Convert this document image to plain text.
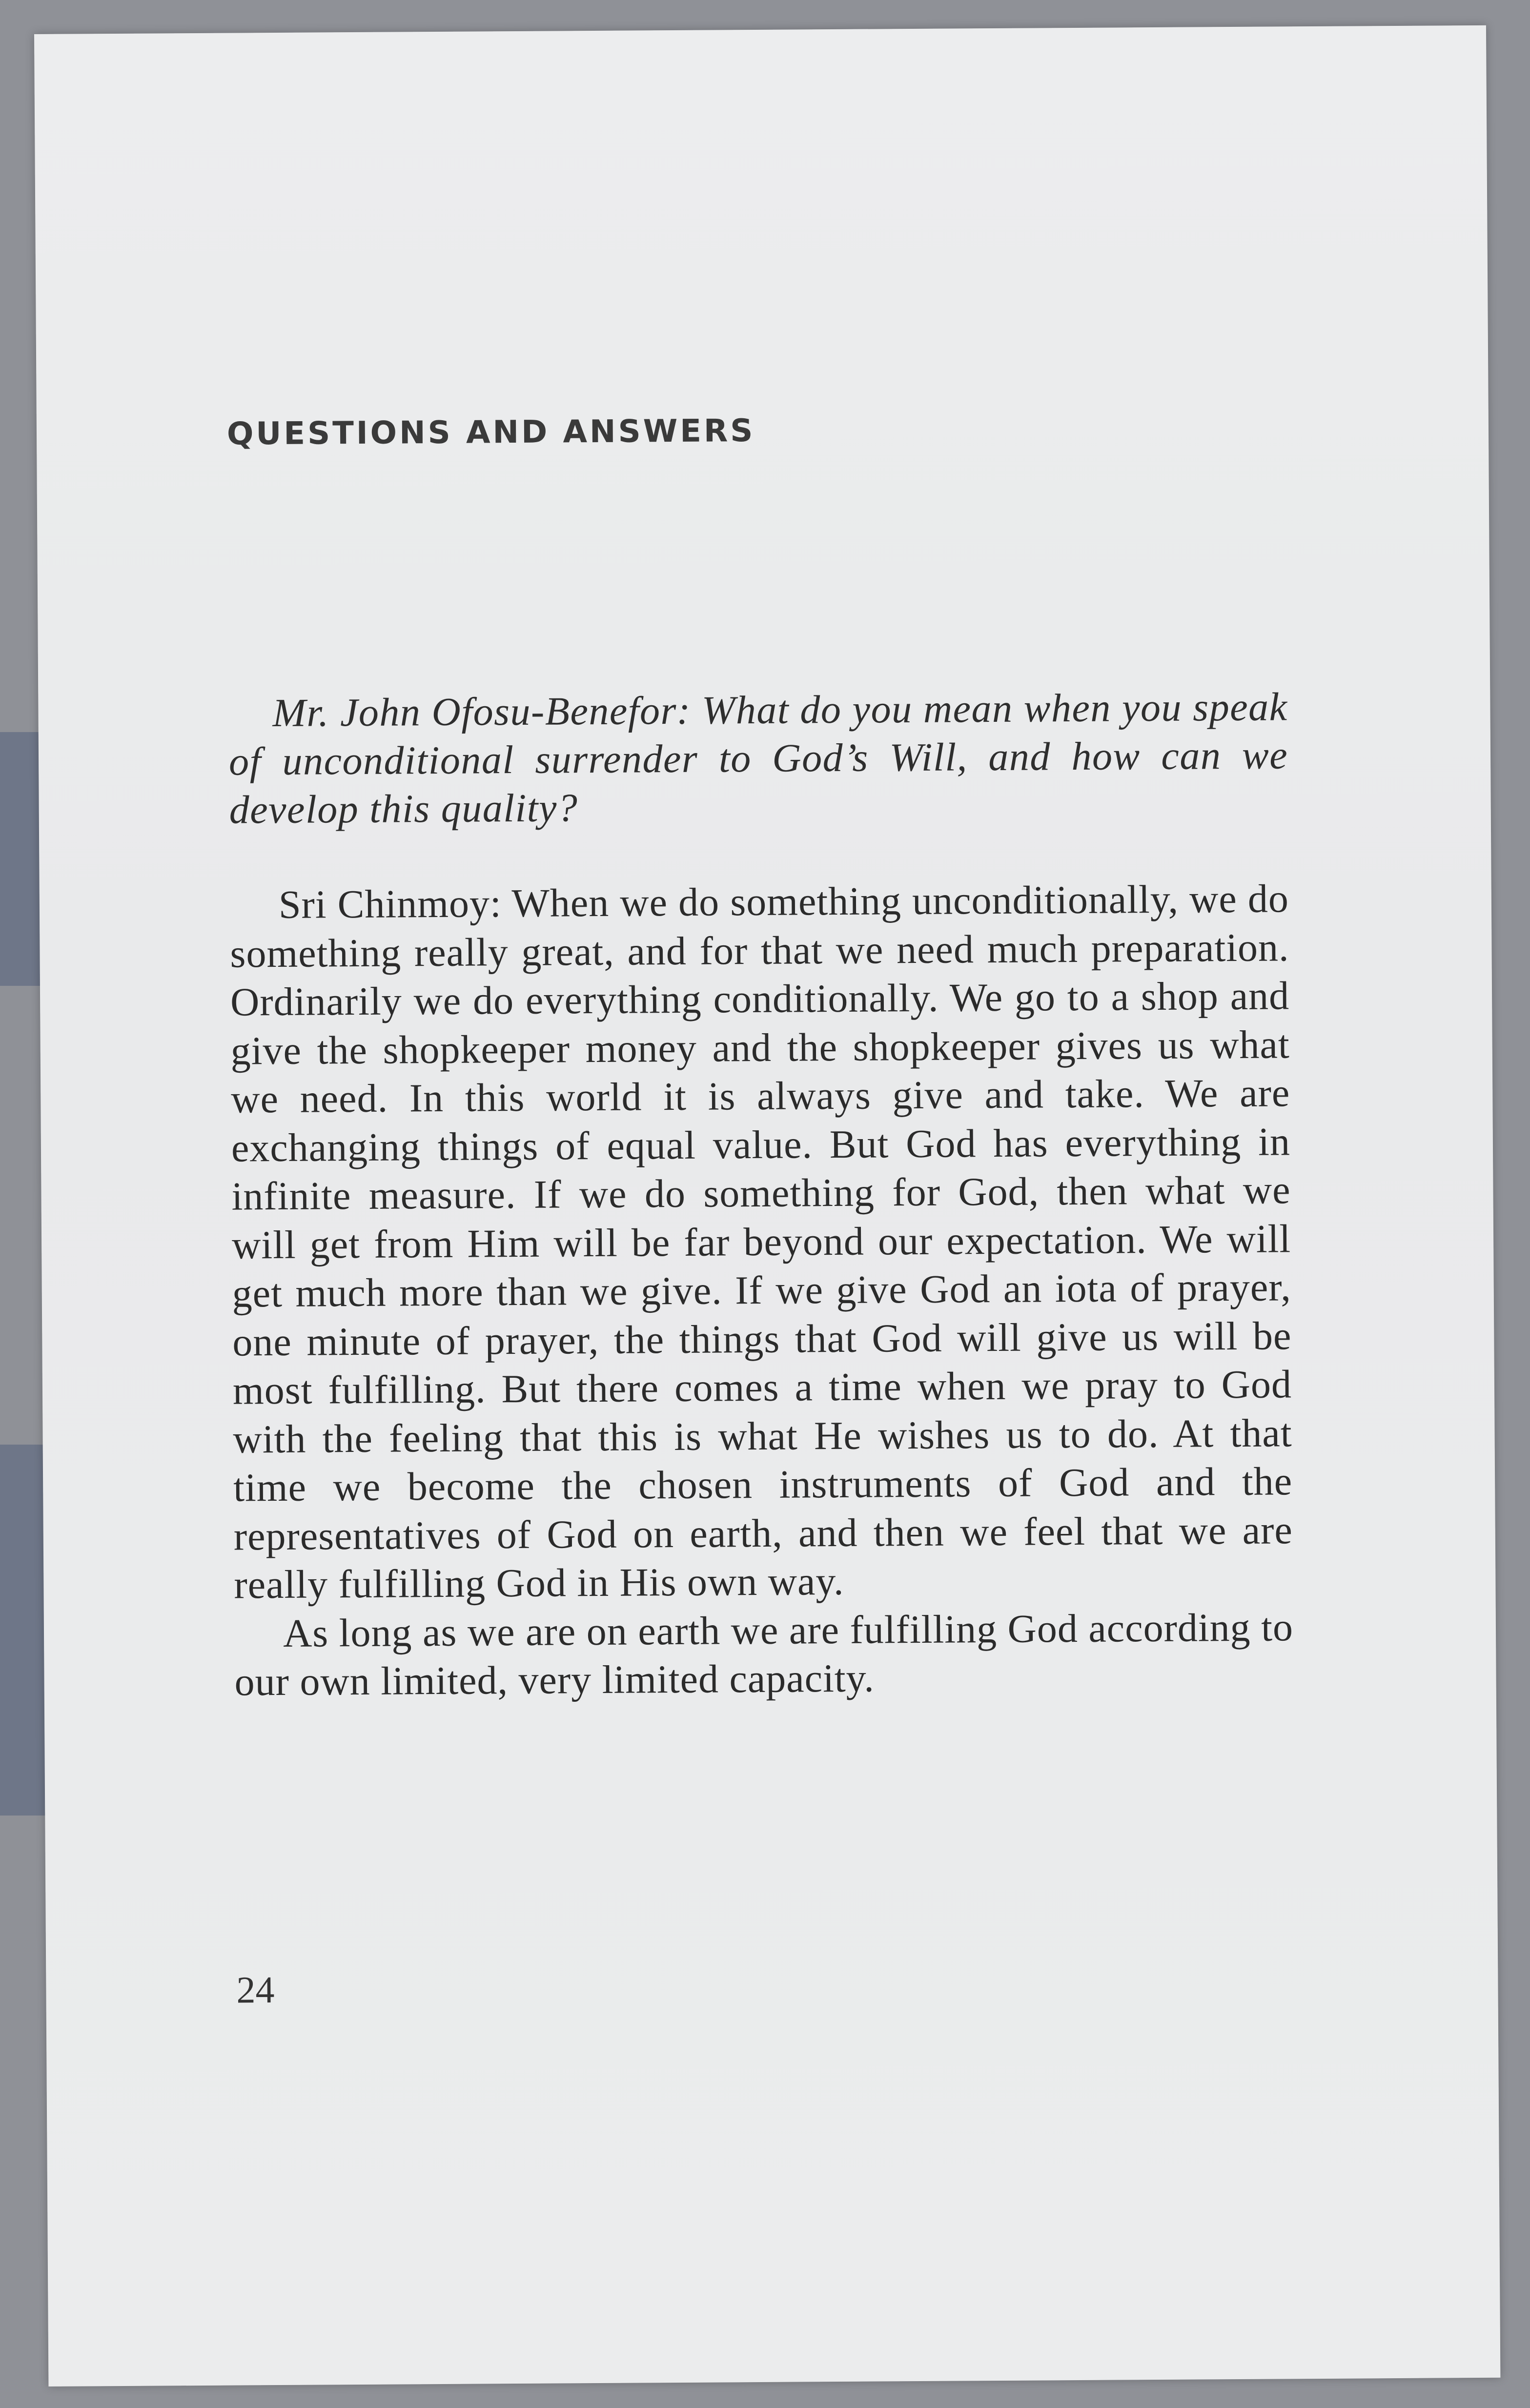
QUESTIONS AND ANSWERS

Mr. John Ofosu-Benefor: What do you mean when you speak of unconditional surrender to God’s Will, and how can we develop this quality?

Sri Chinmoy: When we do something unconditionally, we do something really great, and for that we need much preparation. Ordinarily we do everything conditionally. We go to a shop and give the shopkeeper money and the shopkeeper gives us what we need. In this world it is always give and take. We are exchanging things of equal value. But God has everything in infinite measure. If we do something for God, then what we will get from Him will be far beyond our expectation. We will get much more than we give. If we give God an iota of prayer, one minute of prayer, the things that God will give us will be most fulfilling. But there comes a time when we pray to God with the feeling that this is what He wishes us to do. At that time we become the chosen instruments of God and the representatives of God on earth, and then we feel that we are really fulfilling God in His own way.

As long as we are on earth we are fulfilling God according to our own limited, very limited capacity.

24
